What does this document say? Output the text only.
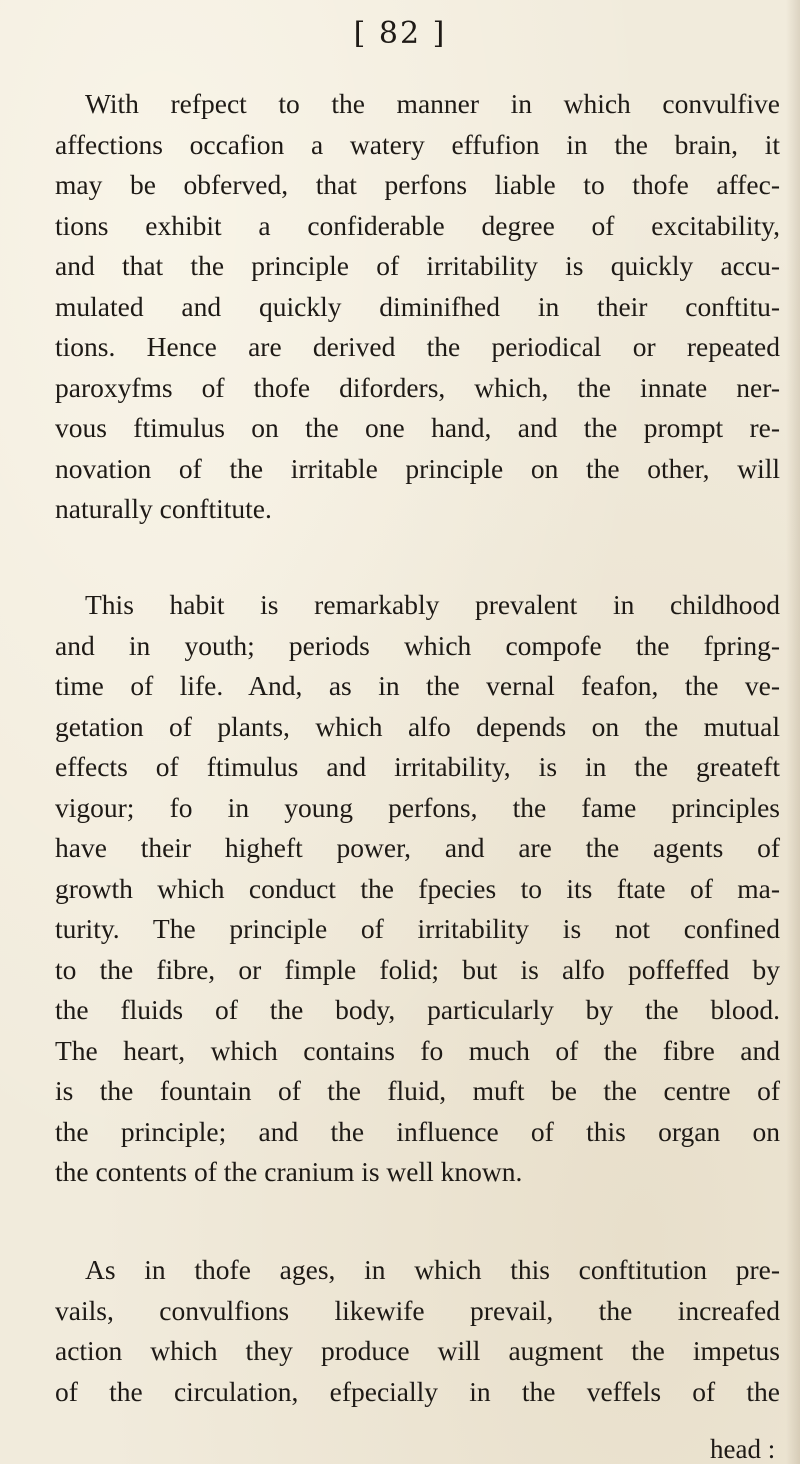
[ 82 ]
With refpect to the manner in which convulfive
affections occafion a watery effufion in the brain, it
may be obferved, that perfons liable to thofe affec-
tions exhibit a confiderable degree of excitability,
and that the principle of irritability is quickly accu-
mulated and quickly diminifhed in their conftitu-
tions. Hence are derived the periodical or repeated
paroxyfms of thofe diforders, which, the innate ner-
vous ftimulus on the one hand, and the prompt re-
novation of the irritable principle on the other, will
naturally conftitute.
This habit is remarkably prevalent in childhood
and in youth; periods which compofe the fpring-
time of life. And, as in the vernal feafon, the ve-
getation of plants, which alfo depends on the mutual
effects of ftimulus and irritability, is in the greateft
vigour; fo in young perfons, the fame principles
have their higheft power, and are the agents of
growth which conduct the fpecies to its ftate of ma-
turity. The principle of irritability is not confined
to the fibre, or fimple folid; but is alfo poffeffed by
the fluids of the body, particularly by the blood.
The heart, which contains fo much of the fibre and
is the fountain of the fluid, muft be the centre of
the principle; and the influence of this organ on
the contents of the cranium is well known.
As in thofe ages, in which this conftitution pre-
vails, convulfions likewife prevail, the increafed
action which they produce will augment the impetus
of the circulation, efpecially in the veffels of the
head :
